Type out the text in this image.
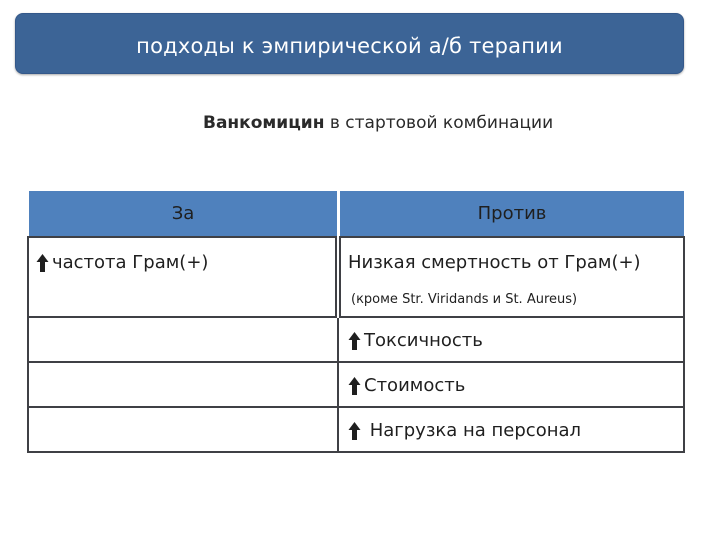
подходы к эмпирической а/б терапии
Ванкомицин в стартовой комбинации
За	Против
частота Грам(+)	Низкая смертность от Грам(+)
(кроме Str. Viridands и St. Aureus)
Токсичность
Стоимость
Нагрузка на персонал
